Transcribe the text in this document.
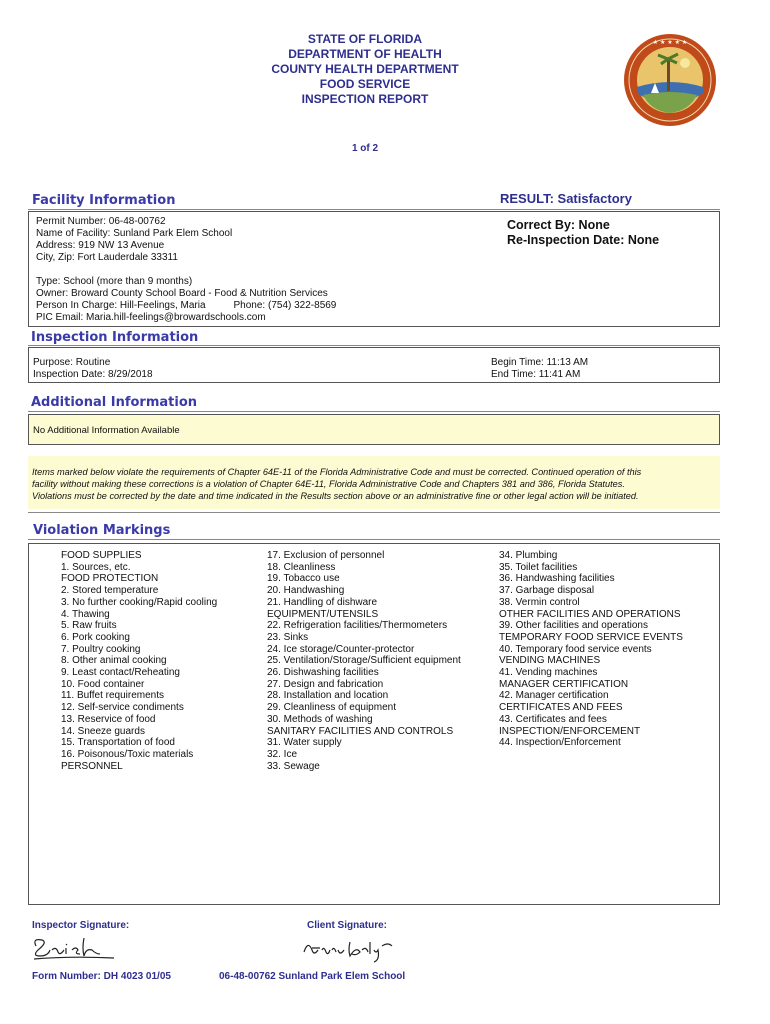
STATE OF FLORIDA
DEPARTMENT OF HEALTH
COUNTY HEALTH DEPARTMENT
FOOD SERVICE
INSPECTION REPORT
★ ★ ★ ★ ★
1 of 2
Facility Information	RESULT: Satisfactory
Permit Number: 06-48-00762
Name of Facility: Sunland Park Elem School
Address: 919 NW 13 Avenue
City, Zip: Fort Lauderdale 33311
Type: School (more than 9 months)
Owner: Broward County School Board - Food & Nutrition Services
Person In Charge: Hill-Feelings, Maria	Phone: (754) 322-8569
PIC Email: Maria.hill-feelings@browardschools.com
Correct By: None
Re-Inspection Date: None
Inspection Information
Purpose: Routine
Inspection Date: 8/29/2018
Begin Time: 11:13 AM
End Time: 11:41 AM
Additional Information
No Additional Information Available
Items marked below violate the requirements of Chapter 64E-11 of the Florida Administrative Code and must be corrected. Continued operation of this
facility without making these corrections is a violation of Chapter 64E-11, Florida Administrative Code and Chapters 381 and 386, Florida Statutes.
Violations must be corrected by the date and time indicated in the Results section above or an administrative fine or other legal action will be initiated.
Violation Markings
FOOD SUPPLIES
1. Sources, etc.
FOOD PROTECTION
2. Stored temperature
3. No further cooking/Rapid cooling
4. Thawing
5. Raw fruits
6. Pork cooking
7. Poultry cooking
8. Other animal cooking
9. Least contact/Reheating
10. Food container
11. Buffet requirements
12. Self-service condiments
13. Reservice of food
14. Sneeze guards
15. Transportation of food
16. Poisonous/Toxic materials
PERSONNEL
17. Exclusion of personnel
18. Cleanliness
19. Tobacco use
20. Handwashing
21. Handling of dishware
EQUIPMENT/UTENSILS
22. Refrigeration facilities/Thermometers
23. Sinks
24. Ice storage/Counter-protector
25. Ventilation/Storage/Sufficient equipment
26. Dishwashing facilities
27. Design and fabrication
28. Installation and location
29. Cleanliness of equipment
30. Methods of washing
SANITARY FACILITIES AND CONTROLS
31. Water supply
32. Ice
33. Sewage
34. Plumbing
35. Toilet facilities
36. Handwashing facilities
37. Garbage disposal
38. Vermin control
OTHER FACILITIES AND OPERATIONS
39. Other facilities and operations
TEMPORARY FOOD SERVICE EVENTS
40. Temporary food service events
VENDING MACHINES
41. Vending machines
MANAGER CERTIFICATION
42. Manager certification
CERTIFICATES AND FEES
43. Certificates and fees
INSPECTION/ENFORCEMENT
44. Inspection/Enforcement
Inspector Signature:	Client Signature:
Form Number: DH 4023 01/05	06-48-00762 Sunland Park Elem School
